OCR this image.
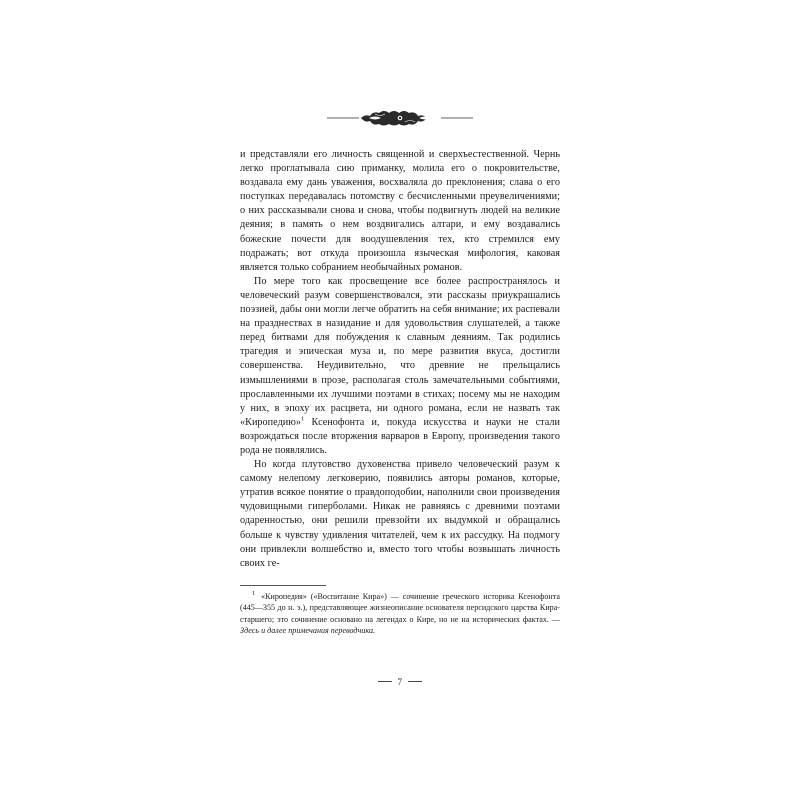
и представляли его личность священной и сверхъестественной. Чернь легко проглатывала сию приманку, молила его о покровительстве, воздавала ему дань уважения, восхваляла до преклонения; слава о его поступках передавалась потомству с бесчисленными преувеличениями; о них рассказывали снова и снова, чтобы подвигнуть людей на великие деяния; в память о нем воздвигались алтари, и ему воздавались божеские почести для воодушевления тех, кто стремился ему подражать; вот откуда произошла языческая мифология, каковая является только собранием необычайных романов.

По мере того как просвещение все более распространялось и человеческий разум совершенствовался, эти рассказы приукрашались поэзией, дабы они могли легче обратить на себя внимание; их распевали на празднествах в назидание и для удовольствия слушателей, а также перед битвами для побуждения к славным деяниям. Так родились трагедия и эпическая муза и, по мере развития вкуса, достигли совершенства. Неудивительно, что древние не прельщались измышлениями в прозе, располагая столь замечательными событиями, прославленными их лучшими поэтами в стихах; посему мы не находим у них, в эпоху их расцвета, ни одного романа, если не назвать так «Киропедию»$^1$ Ксенофонта и, покуда искусства и науки не стали возрождаться после вторжения варваров в Европу, произведения такого рода не появлялись.

Но когда плутовство духовенства привело человеческий разум к самому нелепому легковерию, появились авторы романов, которые, утратив всякое понятие о правдоподобии, наполнили свои произведения чудовищными гиперболами. Никак не равняясь с древними поэтами одаренностью, они решили превзойти их выдумкой и обращались больше к чувству удивления читателей, чем к их рассудку. На подмогу они привлекли волшебство и, вместо того чтобы возвышать личность своих ге-

$^1$ «Киропедия» («Воспитание Кира») — сочинение греческого историка Ксенофонта (445—355 до н. э.), представляющее жизнеописание основателя персидского царства Кира-старшего; это сочинение основано на легендах о Кире, но не на исторических фактах. — Здесь и далее примечания переводчика.

7
